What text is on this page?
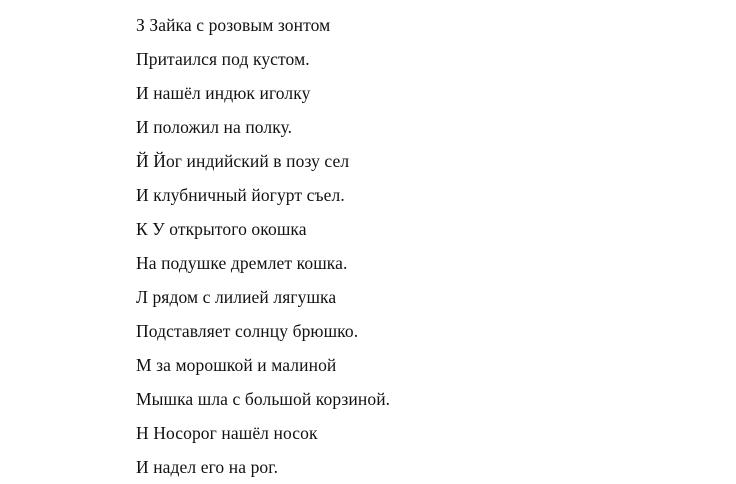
З Зайка с розовым зонтом
Притаился под кустом.
И нашёл индюк иголку
И положил на полку.
Й Йог индийский в позу сел
И клубничный йогурт съел.
К У открытого окошка
На подушке дремлет кошка.
Л рядом с лилией лягушка
Подставляет солнцу брюшко.
М за морошкой и малиной
Мышка шла с большой корзиной.
Н Носорог нашёл носок
И надел его на рог.
